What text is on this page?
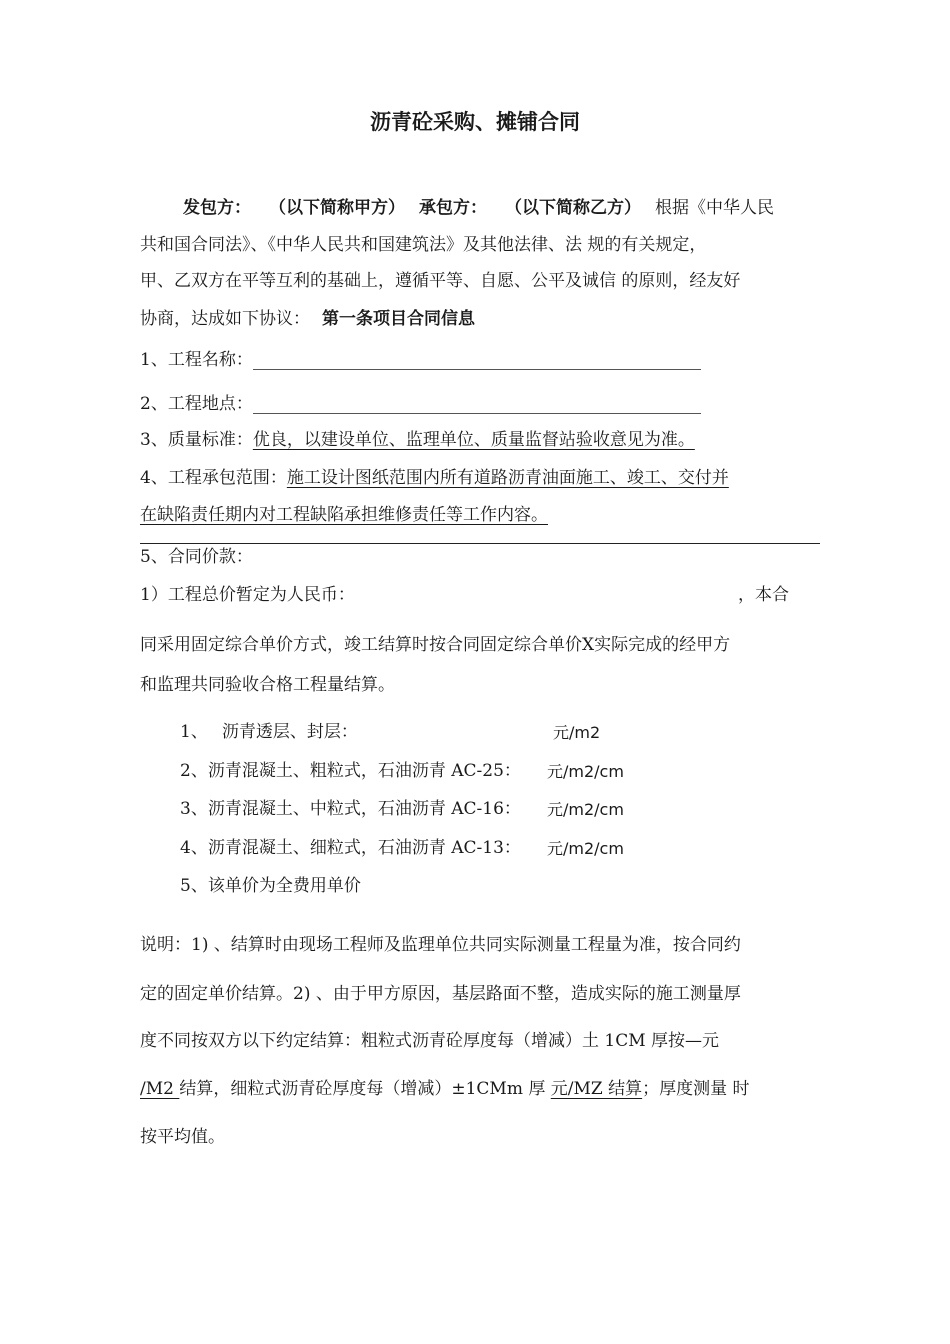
沥青砼采购、摊铺合同
发包方： （以下简称甲方） 承包方： （以下简称乙方） 根据《中华人民
共和国合同法》、《中华人民共和国建筑法》及其他法律、法 规的有关规定，
甲、乙双方在平等互利的基础上，遵循平等、自愿、公平及诚信 的原则，经友好
协商，达成如下协议： 第一条项目合同信息
1、工程名称：
2、工程地点：
3、质量标准：优良，以建设单位、监理单位、质量监督站验收意见为准。
4、工程承包范围：施工设计图纸范围内所有道路沥青油面施工、竣工、交付并
在缺陷责任期内对工程缺陷承担维修责任等工作内容。
5、合同价款：
1）工程总价暂定为人民币：	，本合
同采用固定综合单价方式，竣工结算时按合同固定综合单价Ⅹ实际完成的经甲方
和监理共同验收合格工程量结算。
1、 沥青透层、封层：	元/m2
2、沥青混凝土、粗粒式，石油沥青 AC-25： 元/m2/cm
3、沥青混凝土、中粒式，石油沥青 AC-16： 元/m2/cm
4、沥青混凝土、细粒式，石油沥青 AC-13： 元/m2/cm
5、该单价为全费用单价
说明：1) 、结算时由现场工程师及监理单位共同实际测量工程量为准，按合同约
定的固定单价结算。2) 、由于甲方原因，基层路面不整，造成实际的施工测量厚
度不同按双方以下约定结算：粗粒式沥青砼厚度每（增减）土 1CM 厚按—元
/M2 结算，细粒式沥青砼厚度每（增减）±1CMm 厚 元/MZ 结算；厚度测量 时
按平均值。
